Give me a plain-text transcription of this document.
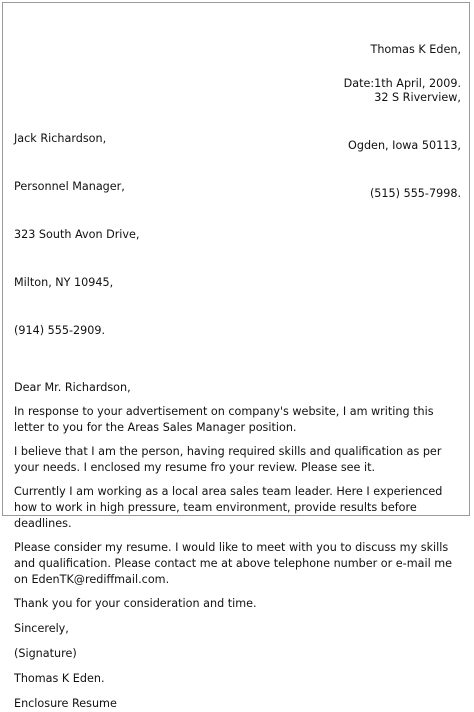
Thomas K Eden,

32 S Riverview,

Ogden, Iowa 50113,

(515) 555-7998.

Date:1th April, 2009.

Jack Richardson,

Personnel Manager,

323 South Avon Drive,

Milton, NY 10945,

(914) 555-2909.

Dear Mr. Richardson,

In response to your advertisement on company's website, I am writing this letter to you for the Areas Sales Manager position.

I believe that I am the person, having required skills and qualification as per your needs. I enclosed my resume fro your review. Please see it.

Currently I am working as a local area sales team leader. Here I experienced how to work in high pressure, team environment, provide results before deadlines.

Please consider my resume. I would like to meet with you to discuss my skills and qualification. Please contact me at above telephone number or e-mail me on EdenTK@rediffmail.com.

Thank you for your consideration and time.

Sincerely,

(Signature)

Thomas K Eden.

Enclosure Resume
